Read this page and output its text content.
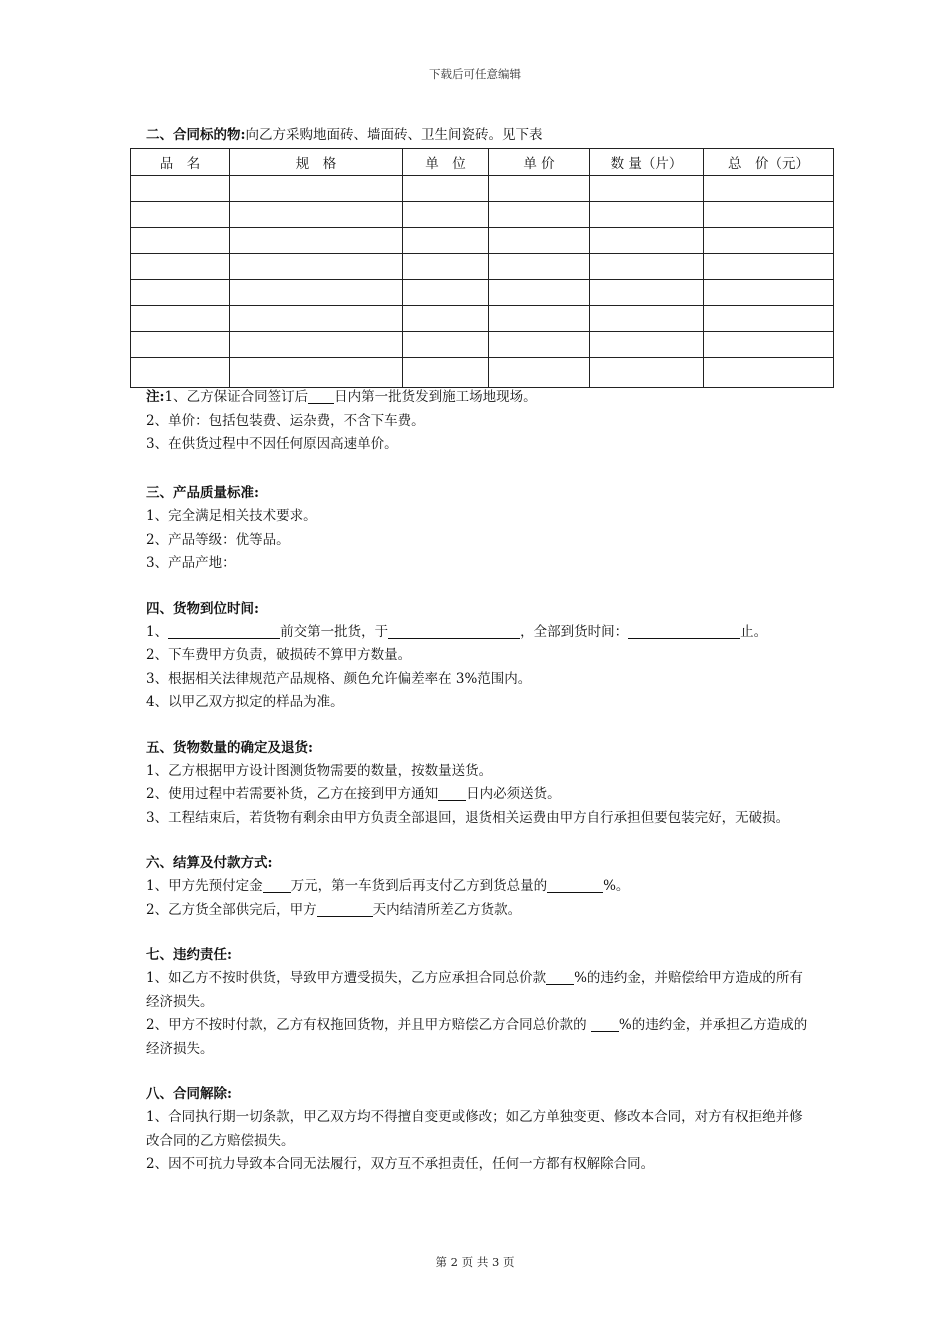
下载后可任意编辑
二、合同标的物:向乙方采购地面砖、墙面砖、卫生间瓷砖。见下表
品　名	规　格	单　位	单 价	数 量（片）	总　价（元）

注:1、乙方保证合同签订后 日内第一批货发到施工场地现场。
2、单价：包括包装费、运杂费，不含下车费。
3、在供货过程中不因任何原因高速单价。
三、产品质量标准:
1、完全满足相关技术要求。
2、产品等级：优等品。
3、产品产地：
四、货物到位时间:
1、	前交第一批货，于	，全部到货时间：	止。
2、下车费甲方负责，破损砖不算甲方数量。
3、根据相关法律规范产品规格、颜色允许偏差率在 3%范围内。
4、以甲乙双方拟定的样品为准。
五、货物数量的确定及退货:
1、乙方根据甲方设计图测货物需要的数量，按数量送货。
2、使用过程中若需要补货，乙方在接到甲方通知 日内必须送货。
3、工程结束后，若货物有剩余由甲方负责全部退回，退货相关运费由甲方自行承担但要包装完好，无破损。
六、结算及付款方式:
1、甲方先预付定金 万元，第一车货到后再支付乙方到货总量的	%。
2、乙方货全部供完后，甲方	天内结清所差乙方货款。
七、违约责任:
1、如乙方不按时供货，导致甲方遭受损失，乙方应承担合同总价款 %的违约金，并赔偿给甲方造成的所有经济损失。
2、甲方不按时付款，乙方有权拖回货物，并且甲方赔偿乙方合同总价款的 %的违约金，并承担乙方造成的经济损失。
八、合同解除:
1、合同执行期一切条款，甲乙双方均不得擅自变更或修改；如乙方单独变更、修改本合同，对方有权拒绝并修改合同的乙方赔偿损失。
2、因不可抗力导致本合同无法履行，双方互不承担责任，任何一方都有权解除合同。
第 2 页 共 3 页
